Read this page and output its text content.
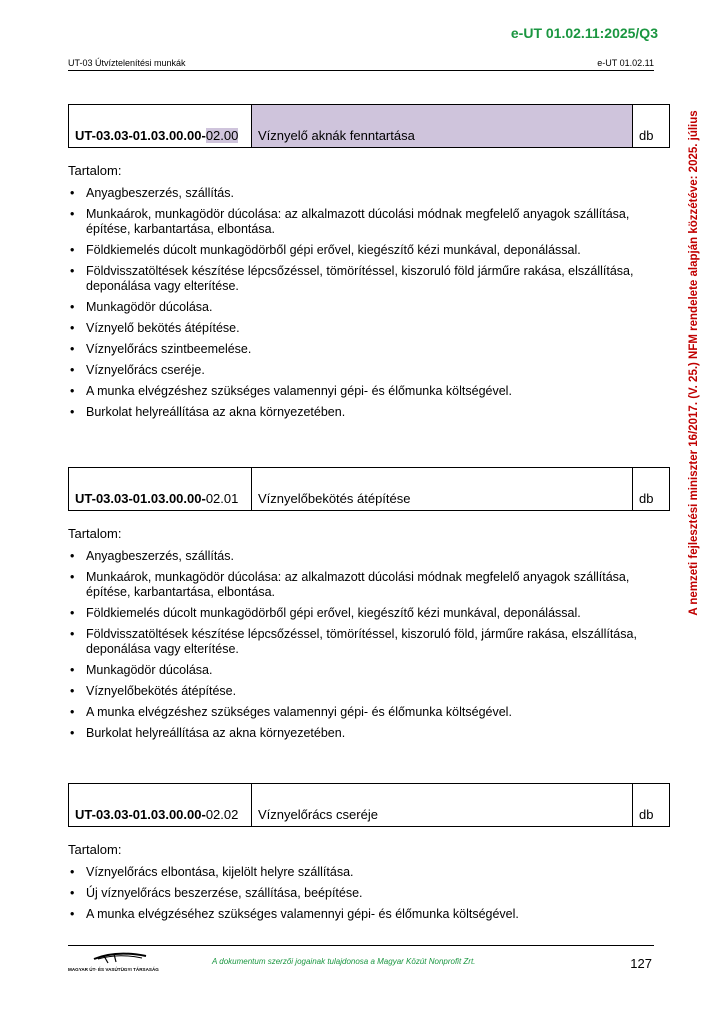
e-UT 01.02.11:2025/Q3
UT-03 Útvíztelenítési munkák	e-UT 01.02.11
A nemzeti fejlesztési miniszter 16/2017. (V. 25.) NFM rendelete alapján közzétéve: 2025. július
UT-03.03-01.03.00.00-02.00	Víznyelő aknák fenntartása	db
Tartalom:
• Anyagbeszerzés, szállítás.
• Munkaárok, munkagödör dúcolása: az alkalmazott dúcolási módnak megfelelő anyagok szállítása, építése, karbantartása, elbontása.
• Földkiemelés dúcolt munkagödörből gépi erővel, kiegészítő kézi munkával, deponálással.
• Földvisszatöltések készítése lépcsőzéssel, tömörítéssel, kiszoruló föld járműre rakása, elszállítása, deponálása vagy elterítése.
• Munkagödör dúcolása.
• Víznyelő bekötés átépítése.
• Víznyelőrács szintbeemelése.
• Víznyelőrács cseréje.
• A munka elvégzéshez szükséges valamennyi gépi- és élőmunka költségével.
• Burkolat helyreállítása az akna környezetében.
UT-03.03-01.03.00.00-02.01	Víznyelőbekötés átépítése	db
Tartalom:
• Anyagbeszerzés, szállítás.
• Munkaárok, munkagödör dúcolása: az alkalmazott dúcolási módnak megfelelő anyagok szállítása, építése, karbantartása, elbontása.
• Földkiemelés dúcolt munkagödörből gépi erővel, kiegészítő kézi munkával, deponálással.
• Földvisszatöltések készítése lépcsőzéssel, tömörítéssel, kiszoruló föld, járműre rakása, elszállítása, deponálása vagy elterítése.
• Munkagödör dúcolása.
• Víznyelőbekötés átépítése.
• A munka elvégzéshez szükséges valamennyi gépi- és élőmunka költségével.
• Burkolat helyreállítása az akna környezetében.
UT-03.03-01.03.00.00-02.02	Víznyelőrács cseréje	db
Tartalom:
• Víznyelőrács elbontása, kijelölt helyre szállítása.
• Új víznyelőrács beszerzése, szállítása, beépítése.
• A munka elvégzéséhez szükséges valamennyi gépi- és élőmunka költségével.
MAGYAR ÚT- ÉS VASÚTÜGYI TÁRSASÁG
A dokumentum szerzői jogainak tulajdonosa a Magyar Közút Nonprofit Zrt.	127
